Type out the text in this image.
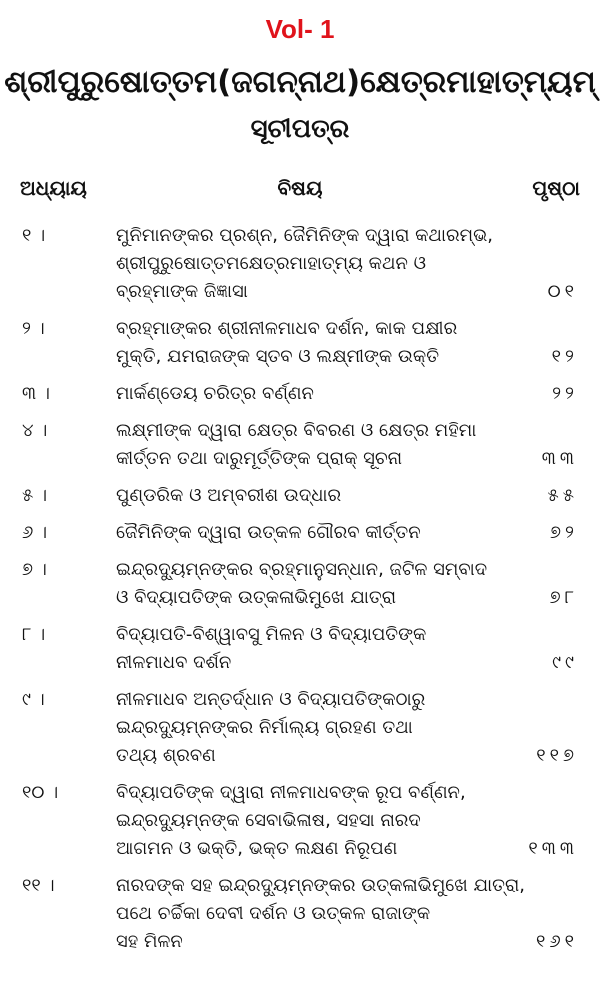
Vol- 1
ଶ୍ରୀପୁରୁଷୋତ୍ତମ(ଜଗନ୍ନାଥ)କ୍ଷେତ୍ରମାହାତ୍ମ୍ୟମ୍
ସୂଚୀପତ୍ର
ଅଧ୍ୟାୟ	ବିଷୟ	ପୃଷ୍ଠା
୧ ।	ମୁନିମାନଙ୍କର ପ୍ରଶ୍ନ, ଜୈମିନିଙ୍କ ଦ୍ୱାରା କଥାରମ୍ଭ,
ଶ୍ରୀପୁରୁଷୋତ୍ତମକ୍ଷେତ୍ରମାହାତ୍ମ୍ୟ କଥନ ଓ
ବ୍ରହ୍ମାଙ୍କ ଜିଜ୍ଞାସା	୦୧
୨ ।	ବ୍ରହ୍ମାଙ୍କର ଶ୍ରୀନୀଳମାଧବ ଦର୍ଶନ, କାକ ପକ୍ଷୀର
ମୁକ୍ତି, ଯମରାଜଙ୍କ ସ୍ତବ ଓ ଲକ୍ଷ୍ମୀଙ୍କ ଉକ୍ତି	୧୨
୩ ।	ମାର୍କଣ୍ଡେୟ ଚରିତ୍ର ବର୍ଣ୍ଣନ	୨୨
୪ ।	ଲକ୍ଷ୍ମୀଙ୍କ ଦ୍ୱାରା କ୍ଷେତ୍ର ବିବରଣ ଓ କ୍ଷେତ୍ର ମହିମା
କୀର୍ତ୍ତନ ତଥା ଦାରୁମୂର୍ତ୍ତିଙ୍କ ପ୍ରାକ୍ ସୂଚନା	୩୩
୫ ।	ପୁଣ୍ଡରିକ ଓ ଅମ୍ବରୀଶ ଉଦ୍ଧାର	୫୫
୬ ।	ଜୈମିନିଙ୍କ ଦ୍ୱାରା ଉତ୍କଳ ଗୌରବ କୀର୍ତ୍ତନ	୭୨
୭ ।	ଇନ୍ଦ୍ରଦ୍ୟୁମ୍ନଙ୍କର ବ୍ରହ୍ମାନୁସନ୍ଧାନ, ଜଟିଳ ସମ୍ବାଦ
ଓ ବିଦ୍ୟାପତିଙ୍କ ଉତ୍କଳାଭିମୁଖେ ଯାତ୍ରା	୭୮
୮ ।	ବିଦ୍ୟାପତି-ବିଶ୍ୱାବସୁ ମିଳନ ଓ ବିଦ୍ୟାପତିଙ୍କ
ନୀଳମାଧବ ଦର୍ଶନ	୯୯
୯ ।	ନୀଳମାଧବ ଅନ୍ତର୍ଦ୍ଧାନ ଓ ବିଦ୍ୟାପତିଙ୍କଠାରୁ
ଇନ୍ଦ୍ରଦ୍ୟୁମ୍ନଙ୍କର ନିର୍ମାଲ୍ୟ ଗ୍ରହଣ ତଥା
ତଥ୍ୟ ଶ୍ରବଣ	୧୧୭
୧୦ ।	ବିଦ୍ୟାପତିଙ୍କ ଦ୍ୱାରା ନୀଳମାଧବଙ୍କ ରୂପ ବର୍ଣ୍ଣନ,
ଇନ୍ଦ୍ରଦ୍ୟୁମ୍ନଙ୍କ ସେବାଭିଳାଷ, ସହସା ନାରଦ
ଆଗମନ ଓ ଭକ୍ତି, ଭକ୍ତ ଲକ୍ଷଣ ନିରୂପଣ	୧୩୩
୧୧ ।	ନାରଦଙ୍କ ସହ ଇନ୍ଦ୍ରଦ୍ୟୁମ୍ନଙ୍କର ଉତ୍କଳାଭିମୁଖେ ଯାତ୍ରା,
ପଥେ ଚର୍ଚ୍ଚିକା ଦେବୀ ଦର୍ଶନ ଓ ଉତ୍କଳ ରାଜାଙ୍କ
ସହ ମିଳନ	୧୬୧
